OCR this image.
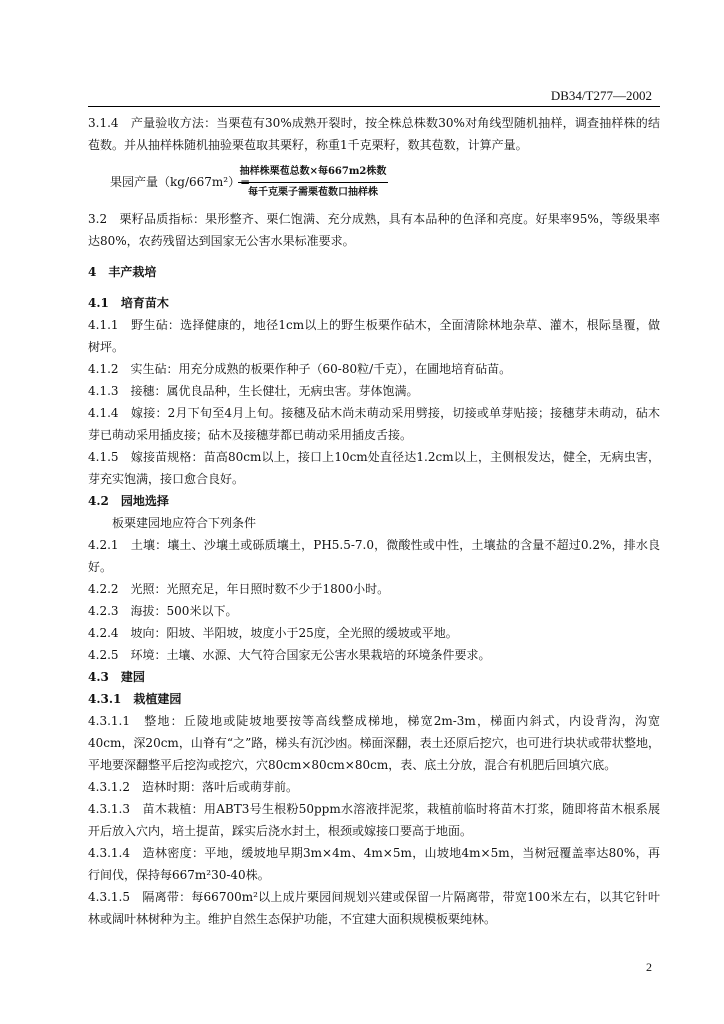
DB34/T277—2002

3.1.4　产量验收方法：当栗苞有30%成熟开裂时，按全株总株数30%对角线型随机抽样，调查抽样株的结苞数。并从抽样株随机抽验栗苞取其栗籽，称重1千克栗籽，数其苞数，计算产量。

果园产量（kg/667m²）=
$\frac{\text{抽样株栗苞总数×每667m2株数}}{\text{每千克栗子需栗苞数口抽样株}}$

3.2　栗籽品质指标：果形整齐、栗仁饱满、充分成熟，具有本品种的色泽和亮度。好果率95%，等级果率达80%，农药残留达到国家无公害水果标准要求。

4　丰产栽培

4.1　培育苗木

4.1.1　野生砧：选择健康的，地径1cm以上的野生板栗作砧木，全面清除林地杂草、灌木，根际垦覆，做树坪。

4.1.2　实生砧：用充分成熟的板栗作种子（60-80粒/千克），在圃地培育砧苗。

4.1.3　接穗：属优良品种，生长健壮，无病虫害。芽体饱满。

4.1.4　嫁接：2月下旬至4月上旬。接穗及砧木尚未萌动采用劈接，切接或单芽贴接；接穗芽未萌动，砧木芽已萌动采用插皮接；砧木及接穗芽都已萌动采用插皮舌接。

4.1.5　嫁接苗规格：苗高80cm以上，接口上10cm处直径达1.2cm以上，主侧根发达，健全，无病虫害，芽充实饱满，接口愈合良好。

4.2　园地选择

板栗建园地应符合下列条件

4.2.1　土壤：壤土、沙壤土或砾质壤土，PH5.5-7.0，微酸性或中性，土壤盐的含量不超过0.2%，排水良好。

4.2.2　光照：光照充足，年日照时数不少于1800小时。

4.2.3　海拔：500米以下。

4.2.4　坡向：阳坡、半阳坡，坡度小于25度，全光照的缓坡或平地。

4.2.5　环境：土壤、水源、大气符合国家无公害水果栽培的环境条件要求。

4.3　建园

4.3.1　栽植建园

4.3.1.1　整地：丘陵地或陡坡地要按等高线整成梯地，梯宽2m-3m，梯面内斜式，内设背沟，沟宽40cm，深20cm，山脊有“之”路，梯头有沉沙凼。梯面深翻，表土还原后挖穴，也可进行块状或带状整地，平地要深翻整平后挖沟或挖穴，穴80cm×80cm×80cm，表、底土分放，混合有机肥后回填穴底。

4.3.1.2　造林时期：落叶后或萌芽前。

4.3.1.3　苗木栽植：用ABT3号生根粉50ppm水溶液拌泥浆，栽植前临时将苗木打浆，随即将苗木根系展开后放入穴内，培土提苗，踩实后浇水封土，根颈或嫁接口要高于地面。

4.3.1.4　造林密度：平地，缓坡地早期3m×4m、4m×5m，山坡地4m×5m，当树冠覆盖率达80%，再行间伐，保持每667m²30-40株。

4.3.1.5　隔离带：每66700m²以上成片栗园间规划兴建或保留一片隔离带，带宽100米左右，以其它针叶林或阔叶林树种为主。维护自然生态保护功能，不宜建大面积规模板栗纯林。

2
